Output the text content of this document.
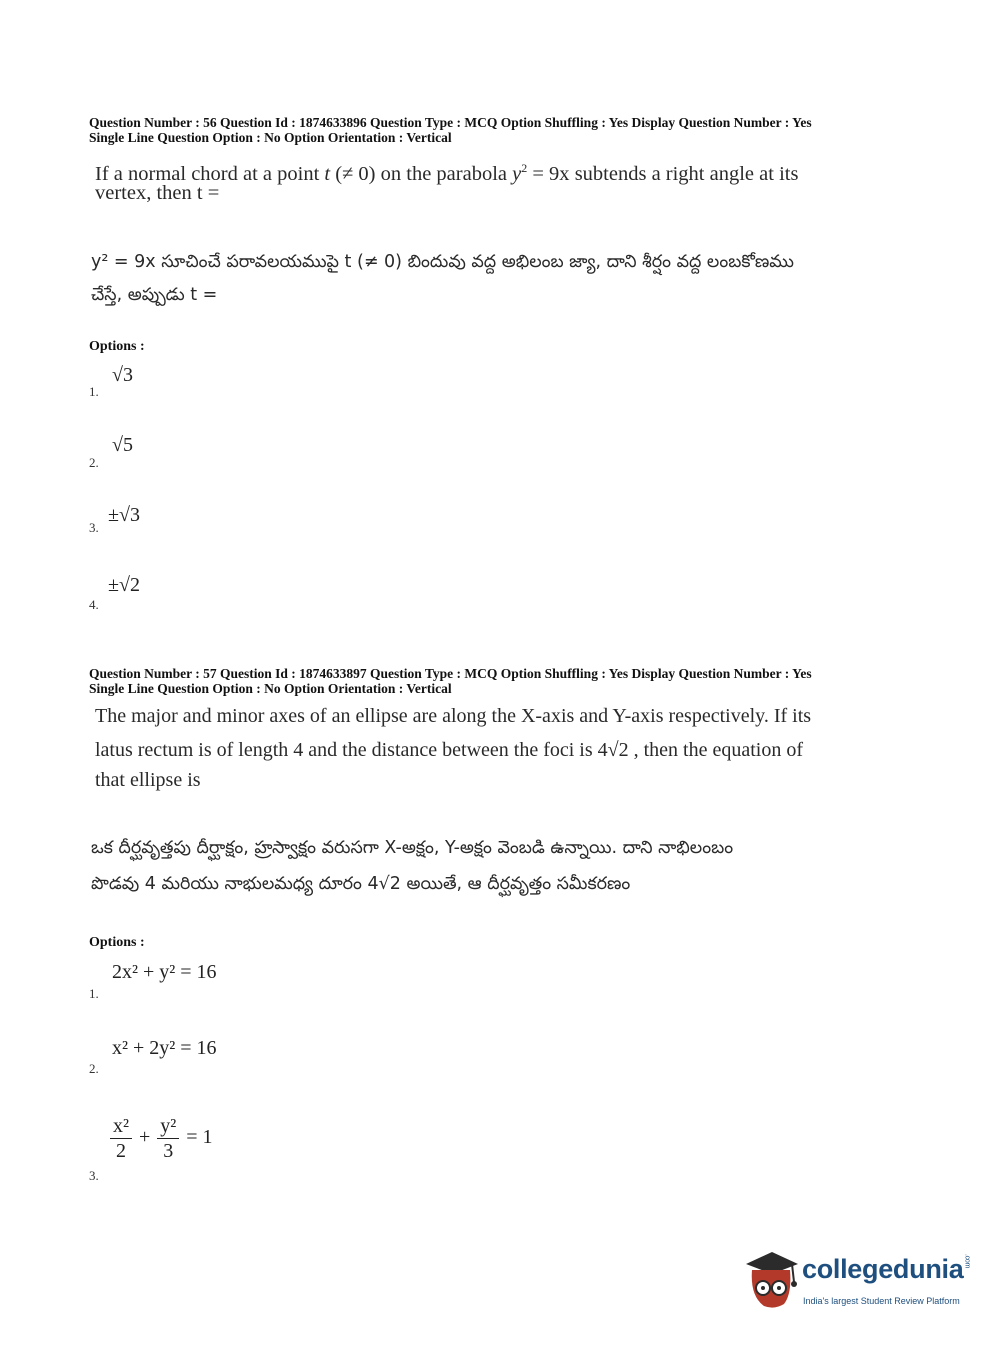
Question Number : 56 Question Id : 1874633896 Question Type : MCQ Option Shuffling : Yes Display Question Number : Yes
Single Line Question Option : No Option Orientation : Vertical
If a normal chord at a point t (≠ 0) on the parabola $y^2 = 9x$ subtends a right angle at its
vertex, then t =
y² = 9x సూచించే పరావలయముపై t (≠ 0) బిందువు వద్ద అభిలంబ జ్యా, దాని శీర్షం వద్ద లంబకోణము
చేస్తే, అప్పుడు t =
Options :
1.
√3
2.
√5
3.
±√3
4.
±√2
Question Number : 57 Question Id : 1874633897 Question Type : MCQ Option Shuffling : Yes Display Question Number : Yes
Single Line Question Option : No Option Orientation : Vertical
The major and minor axes of an ellipse are along the X-axis and Y-axis respectively. If its
latus rectum is of length 4 and the distance between the foci is 4√2 , then the equation of
that ellipse is
ఒక దీర్ఘవృత్తపు దీర్ఘాక్షం, హ్రస్వాక్షం వరుసగా X-అక్షం, Y-అక్షం వెంబడి ఉన్నాయి. దాని నాభిలంబం
పొడవు 4 మరియు నాభులమధ్య దూరం 4√2 అయితే, ఆ దీర్ఘవృత్తం సమీకరణం
Options :
1.
2x² + y² = 16
2.
x² + 2y² = 16
3.
$\frac{\text{x²}}{2} + \frac{\text{y²}}{3} = 1$
collegedunia.com
India's largest Student Review Platform
